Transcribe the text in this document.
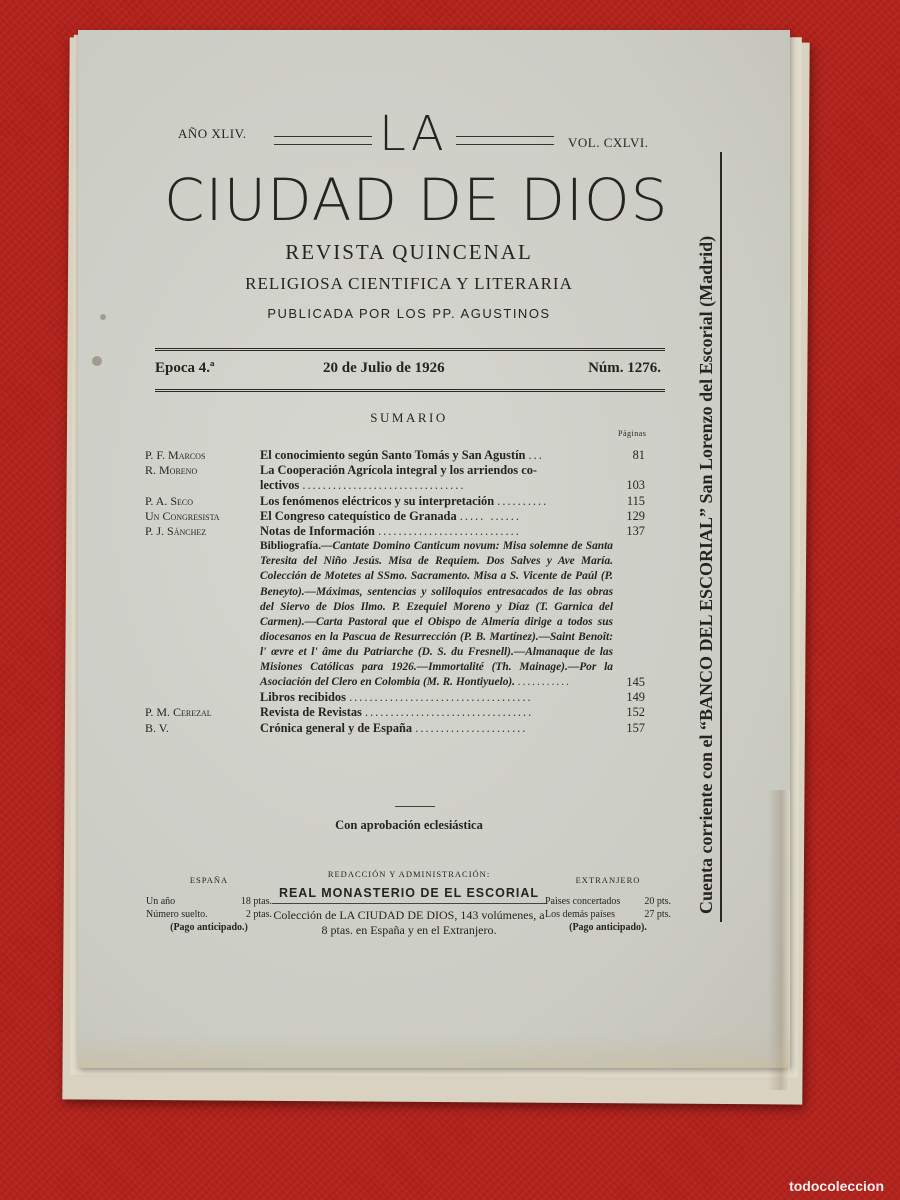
AÑO XLIV.	LA	VOL. CXLVI.
CIUDAD DE DIOS
REVISTA QUINCENAL
RELIGIOSA CIENTIFICA Y LITERARIA
PUBLICADA POR LOS PP. AGUSTINOS
Epoca 4.ª	20 de Julio de 1926	Núm. 1276.
SUMARIO
Páginas
P. F. Marcos	El conocimiento según Santo Tomás y San Agustín ...	81
R. Moreno	La Cooperación Agrícola integral y los arriendos co-
lectivos ................................	103
P. A. Seco	Los fenómenos eléctricos y su interpretación ..........	115
Un Congresista	El Congreso catequístico de Granada ..... ......	129
P. J. Sánchez	Notas de Información ............................	137
Bibliografía.—Cantate Domino Canticum novum: Misa solemne de Santa Teresita del Niño Jesús. Misa de Requiem. Dos Salves y Ave María. Colección de Motetes al SSmo. Sacramento. Misa a S. Vicente de Paúl (P. Beneyto).—Máximas, sentencias y soliloquios entresacados de las obras del Siervo de Dios Ilmo. P. Ezequiel Moreno y Díaz (T. Garnica del Carmen).—Carta Pastoral que el Obispo de Almería dirige a todos sus diocesanos en la Pascua de Resurrección (P. B. Martínez).—Saint Benoît: l' œvre et l' âme du Patriarche (D. S. du Fresnell).—Almanaque de las Misiones Católicas para 1926.—Immortalité (Th. Mainage).—Por la Asociación del Clero en Colombia (M. R. Hontiyuelo). ...........	145
Libros recibidos ....................................	149
P. M. Cerezal	Revista de Revistas .................................	152
B. V.	Crónica general y de España ......................	157
Con aprobación eclesiástica
ESPAÑA
Un año	18 ptas.
Número suelto.	2 ptas.
(Pago anticipado.)
REDACCIÓN Y ADMINISTRACIÓN:
REAL MONASTERIO DE EL ESCORIAL
Colección de LA CIUDAD DE DIOS, 143 volúmenes, a 8 ptas. en España y en el Extranjero.
EXTRANJERO
Paises concertados 20 pts.
Los demás países	27 pts.
(Pago anticipado).
Cuenta corriente con el “BANCO DEL ESCORIAL” San Lorenzo del Escorial (Madrid)
todocoleccion
